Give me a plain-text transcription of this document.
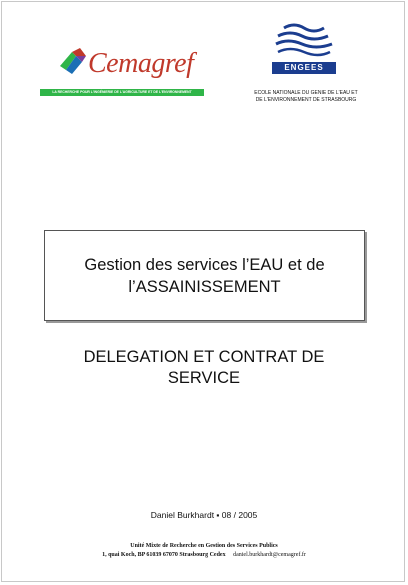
Cemagref
LA RECHERCHE POUR L'INGÉNIERIE DE L'AGRICULTURE ET DE L'ENVIRONNEMENT
ENGEES
ECOLE NATIONALE DU GENIE DE L'EAU ET
DE L'ENVIRONNEMENT DE STRASBOURG
Gestion des services l’EAU et de
l’ASSAINISSEMENT
DELEGATION ET CONTRAT DE
SERVICE
Daniel Burkhardt ▪ 08 / 2005
Unité Mixte de Recherche en Gestion des Services Publics
1, quai Koch, BP 61039 67070 Strasbourg Cedex daniel.burkhardt@cemagref.fr
